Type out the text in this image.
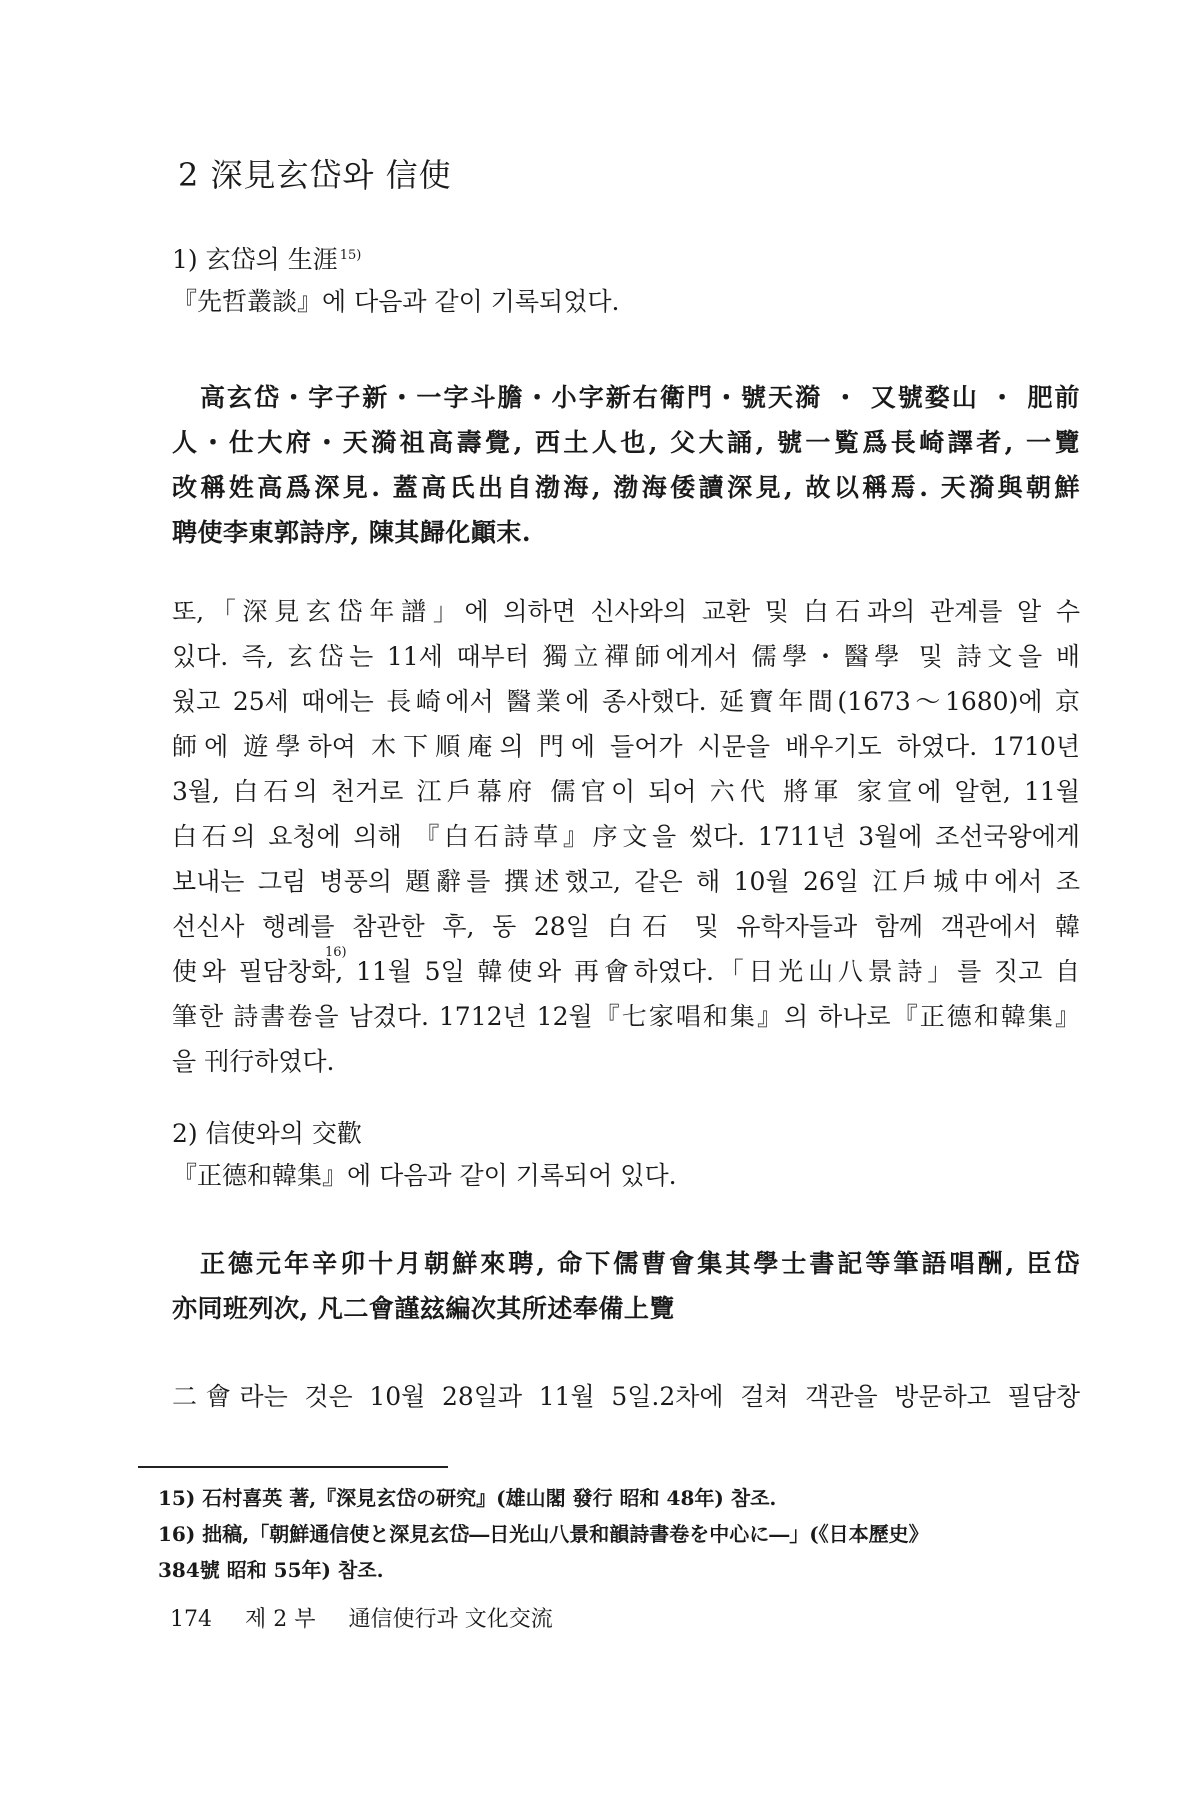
2 深見玄岱와 信使
1) 玄岱의 生涯 $^{15)}$
『先哲叢談』에 다음과 같이 기록되었다.
高玄岱・字子新・一字斗膽・小字新右衛門・號天漪 ・ 又號婺山 ・ 肥前
人・仕大府・天漪祖高壽覺, 西土人也, 父大誦, 號一覧爲長崎譯者, 一覽
改稱姓高爲深見. 蓋高氏出自渤海, 渤海倭讀深見, 故以稱焉. 天漪與朝鮮
聘使李東郭詩序, 陳其歸化顚末.
또,「深見玄岱年譜」에 의하면 신사와의 교환 및 白石과의 관계를 알 수
있다. 즉, 玄岱는 11세 때부터 獨立禪師에게서 儒學・醫學 및 詩文을 배
웠고 25세 때에는 長崎에서 醫業에 종사했다. 延寶年間(1673～1680)에 京
師에 遊學하여 木下順庵의 門에 들어가 시문을 배우기도 하였다. 1710년
3월, 白石의 천거로 江戶幕府 儒官이 되어 六代 將軍 家宣에 알현, 11월
白石의 요청에 의해 『白石詩草』序文을 썼다. 1711년 3월에 조선국왕에게
보내는 그림 병풍의 題辭를 撰述했고, 같은 해 10월 26일 江戶城中에서 조
선신사 행례를 참관한 후, 동 28일 白石 및 유학자들과 함께 객관에서 韓
使와 필담창화, 11월 5일 韓使와 再會하였다.「日光山八景詩」를 짓고 自
筆한 詩書卷을 남겼다. 1712년 12월『七家唱和集』의 하나로『正德和韓集』
을 刊行하였다.
16)
2) 信使와의 交歡
『正德和韓集』에 다음과 같이 기록되어 있다.
正德元年辛卯十月朝鮮來聘, 命下儒曹會集其學士書記等筆語唱酬, 臣岱
亦同班列次, 凡二會謹玆編次其所述奉備上覽
二會라는 것은 10월 28일과 11월 5일.2차에 걸쳐 객관을 방문하고 필담창
15) 石村喜英 著,『深見玄岱の研究』(雄山閣 發行 昭和 48年) 참조.
16) 拙稿,「朝鮮通信使と深見玄岱―日光山八景和韻詩書卷を中心に―」(《日本歷史》
384號 昭和 55年) 참조.
174 제 2 부 通信使行과 文化交流
